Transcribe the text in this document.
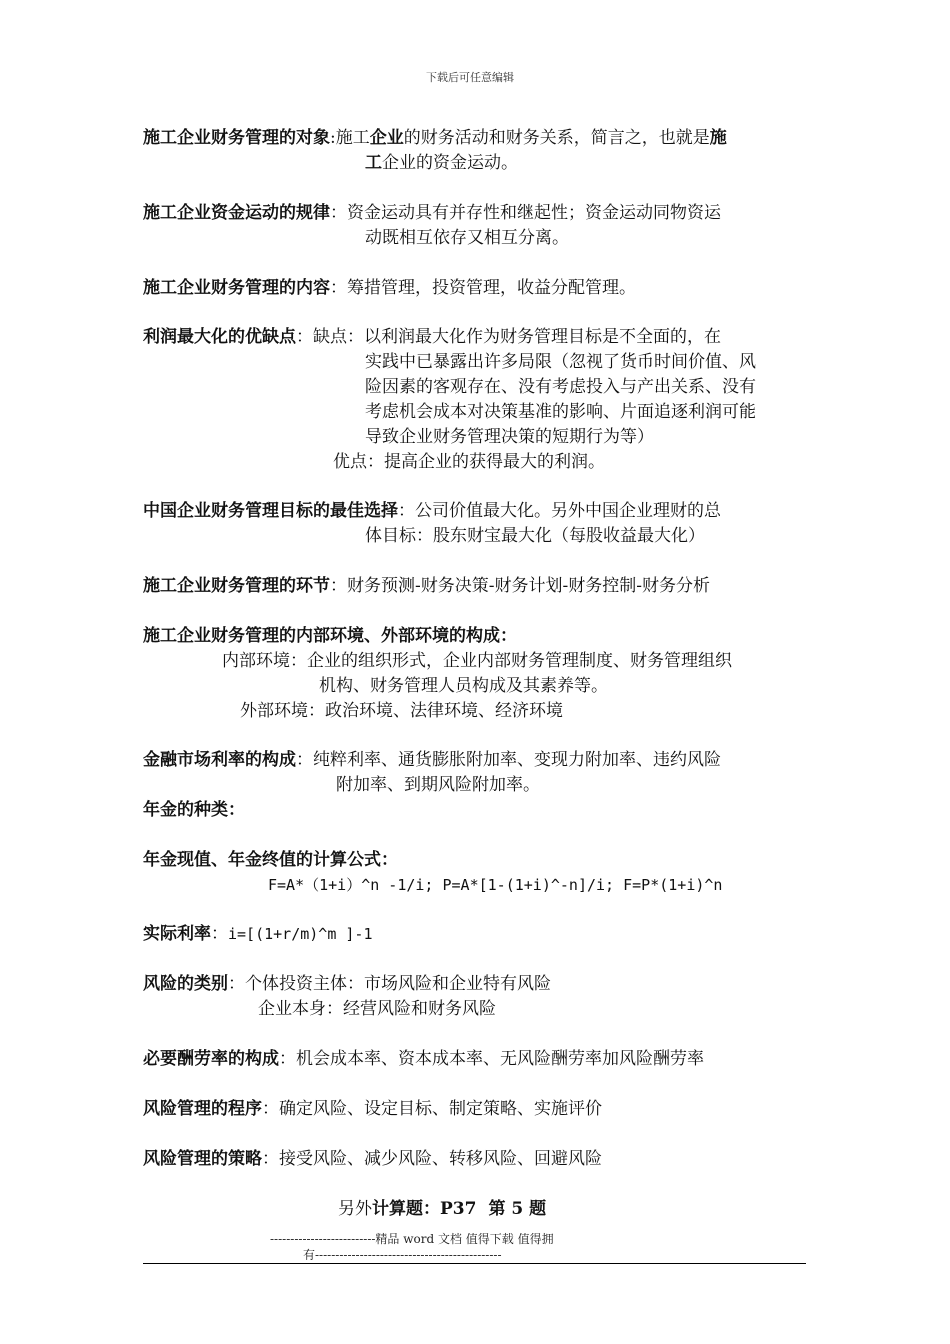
下载后可任意编辑
施工企业财务管理的对象:施工企业的财务活动和财务关系，简言之，也就是施
工企业的资金运动。
施工企业资金运动的规律：资金运动具有并存性和继起性；资金运动同物资运
动既相互依存又相互分离。
施工企业财务管理的内容：筹措管理，投资管理，收益分配管理。
利润最大化的优缺点：缺点：以利润最大化作为财务管理目标是不全面的，在
实践中已暴露出许多局限（忽视了货币时间价值、风
险因素的客观存在、没有考虑投入与产出关系、没有
考虑机会成本对决策基准的影响、片面追逐利润可能
导致企业财务管理决策的短期行为等）
优点：提高企业的获得最大的利润。
中国企业财务管理目标的最佳选择：公司价值最大化。另外中国企业理财的总
体目标：股东财宝最大化（每股收益最大化）
施工企业财务管理的环节：财务预测-财务决策-财务计划-财务控制-财务分析
施工企业财务管理的内部环境、外部环境的构成：
内部环境：企业的组织形式，企业内部财务管理制度、财务管理组织
机构、财务管理人员构成及其素养等。
外部环境：政治环境、法律环境、经济环境
金融市场利率的构成：纯粹利率、通货膨胀附加率、变现力附加率、违约风险
附加率、到期风险附加率。
年金的种类：
年金现值、年金终值的计算公式：
F=A*（1+i）^n -1/i; P=A*[1-(1+i)^-n]/i; F=P*(1+i)^n
实际利率：i=[(1+r/m)^m ]-1
风险的类别：个体投资主体：市场风险和企业特有风险
企业本身：经营风险和财务风险
必要酬劳率的构成：机会成本率、资本成本率、无风险酬劳率加风险酬劳率
风险管理的程序：确定风险、设定目标、制定策略、实施评价
风险管理的策略：接受风险、减少风险、转移风险、回避风险
另外计算题：P37 第 5 题
--------------------------精品 word 文档 值得下载 值得拥
有----------------------------------------------
